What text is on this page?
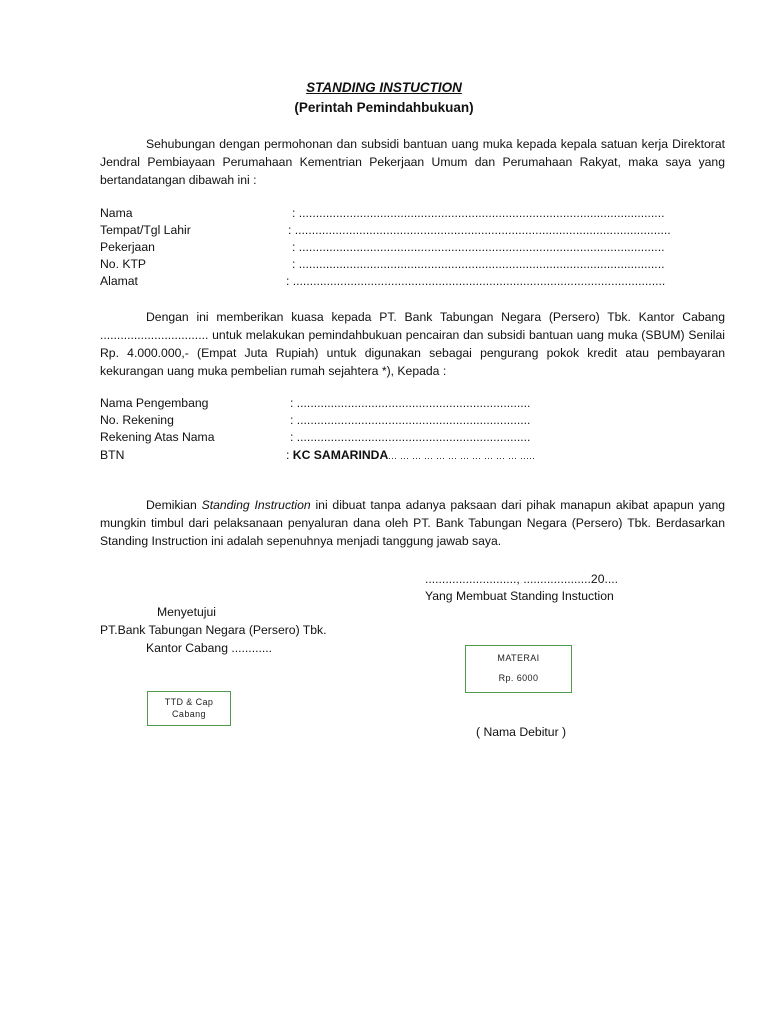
STANDING INSTUCTION
(Perintah Pemindahbukuan)
Sehubungan dengan permohonan dan subsidi bantuan uang muka kepada kepala satuan kerja Direktorat Jendral Pembiayaan Perumahaan Kementrian Pekerjaan Umum dan Perumahaan Rakyat, maka saya yang bertandatangan dibawah ini :
Nama	: ............................................................................................................
Tempat/Tgl Lahir	: ...............................................................................................................
Pekerjaan	: ............................................................................................................
No. KTP	: ............................................................................................................
Alamat	: ..............................................................................................................
Dengan ini memberikan kuasa kepada PT. Bank Tabungan Negara (Persero) Tbk. Kantor Cabang ................................ untuk melakukan pemindahbukuan pencairan dan subsidi bantuan uang muka (SBUM) Senilai Rp. 4.000.000,- (Empat Juta Rupiah) untuk digunakan sebagai pengurang pokok kredit atau pembayaran kekurangan uang muka pembelian rumah sejahtera *), Kepada :
Nama Pengembang	: .....................................................................
No. Rekening	: .....................................................................
Rekening Atas Nama	: .....................................................................
BTN	: KC SAMARINDA... ... ... ... ... ... ... ... ... ... ... .....
Demikian Standing Instruction ini dibuat tanpa adanya paksaan dari pihak manapun akibat apapun yang mungkin timbul dari pelaksanaan penyaluran dana oleh PT. Bank Tabungan Negara (Persero) Tbk. Berdasarkan Standing Instruction ini adalah sepenuhnya menjadi tanggung jawab saya.
..........................., ....................20....
Yang Membuat Standing Instuction
Menyetujui
PT.Bank Tabungan Negara (Persero) Tbk.
Kantor Cabang ............
MATERAI
Rp. 6000
TTD & Cap
Cabang
( Nama Debitur )
